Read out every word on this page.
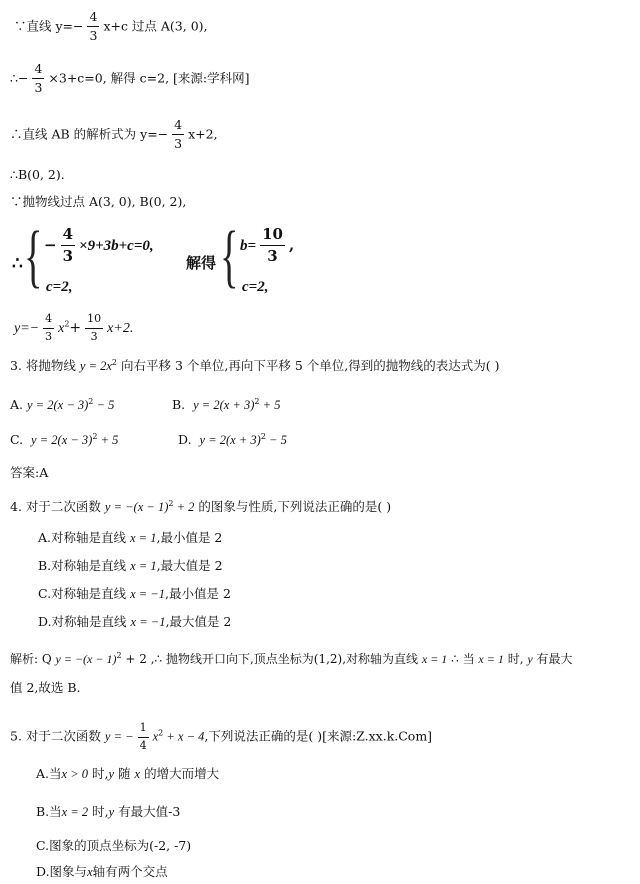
∵直线 $y=- \frac{4}{3} x+c$ 过点 A(3, 0),
∴− $\frac{4}{3} \times 3+c=0$, 解得 c=2, [来源:学科网]
∴直线 AB 的解析式为 $y=- \frac{4}{3} x+2$,
∴B(0, 2).
∵抛物线过点 A(3, 0), B(0, 2),
∴ { − $\frac{4}{3} \times 9+3b+c=0$,
c=2,
解得 { $b= \frac{10}{3}$ ,
c=2,
$y=- \frac{4}{3} x^2+ \frac{10}{3} x+2$.
3. 将抛物线 $y = 2x^2$ 向右平移 3 个单位,再向下平移 5 个单位,得到的抛物线的表达式为( )
A. $y = 2(x - 3)^2 - 5$	B. $y = 2(x + 3)^2 + 5$
C. $y = 2(x - 3)^2 + 5$	D. $y = 2(x + 3)^2 - 5$
答案:A
4. 对于二次函数 $y = -(x - 1)^2 + 2$ 的图象与性质,下列说法正确的是( )
A.对称轴是直线 x = 1,最小值是 2
B.对称轴是直线 x = 1,最大值是 2
C.对称轴是直线 x = −1,最小值是 2
D.对称轴是直线 x = −1,最大值是 2
解析: Q $y = -(x - 1)^2 + 2$ ,∴ 抛物线开口向下,顶点坐标为(1,2),对称轴为直线 x = 1 ∴ 当 x = 1 时, y 有最大
值 2,故选 B.
5. 对于二次函数 y = − $\frac{1}{4} x^2 + x - 4$,下列说法正确的是( )[来源:Z.xx.k.Com]
A.当x > 0 时,y 随 x 的增大而增大
B.当x = 2 时,y 有最大值-3
C.图象的顶点坐标为(-2, -7)
D.图象与x轴有两个交点
